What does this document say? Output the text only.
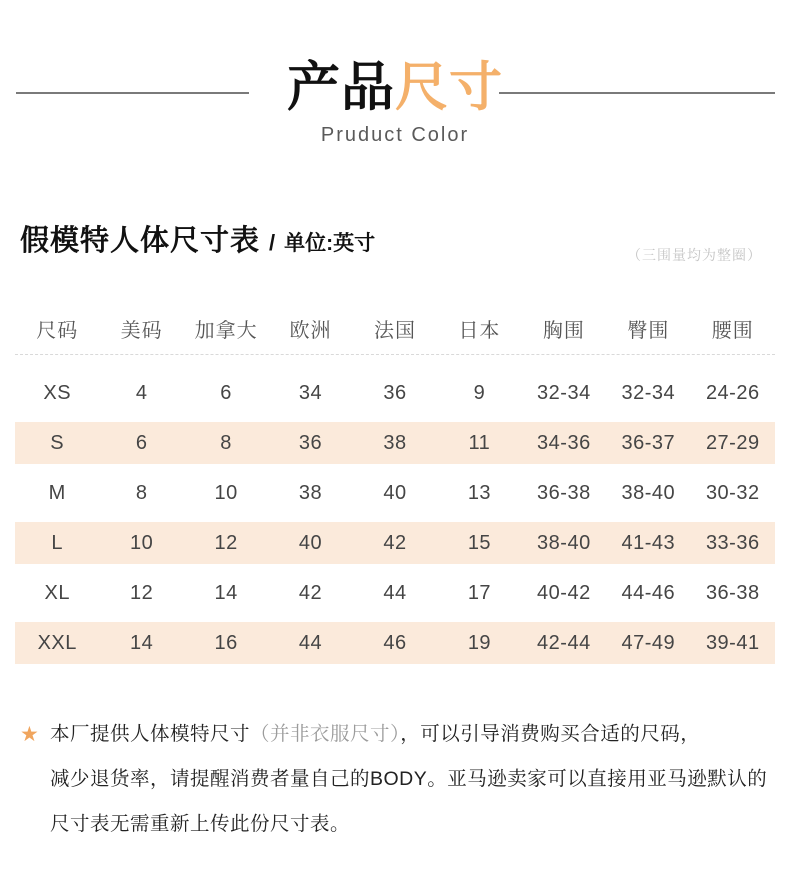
产品尺寸
Pruduct Color
假模特人体尺寸表 / 单位:英寸	（三围量均为整圈）
尺码	美码	加拿大	欧洲	法国	日本	胸围	臀围	腰围
XS	4	6	34	36	9	32-34	32-34	24-26
S	6	8	36	38	11	34-36	36-37	27-29
M	8	10	38	40	13	36-38	38-40	30-32
L	10	12	40	42	15	38-40	41-43	33-36
XL	12	14	42	44	17	40-42	44-46	36-38
XXL	14	16	44	46	19	42-44	47-49	39-41
★ 本厂提供人体模特尺寸（并非衣服尺寸），可以引导消费购买合适的尺码，
减少退货率，请提醒消费者量自己的BODY。亚马逊卖家可以直接用亚马逊默认的
尺寸表无需重新上传此份尺寸表。
